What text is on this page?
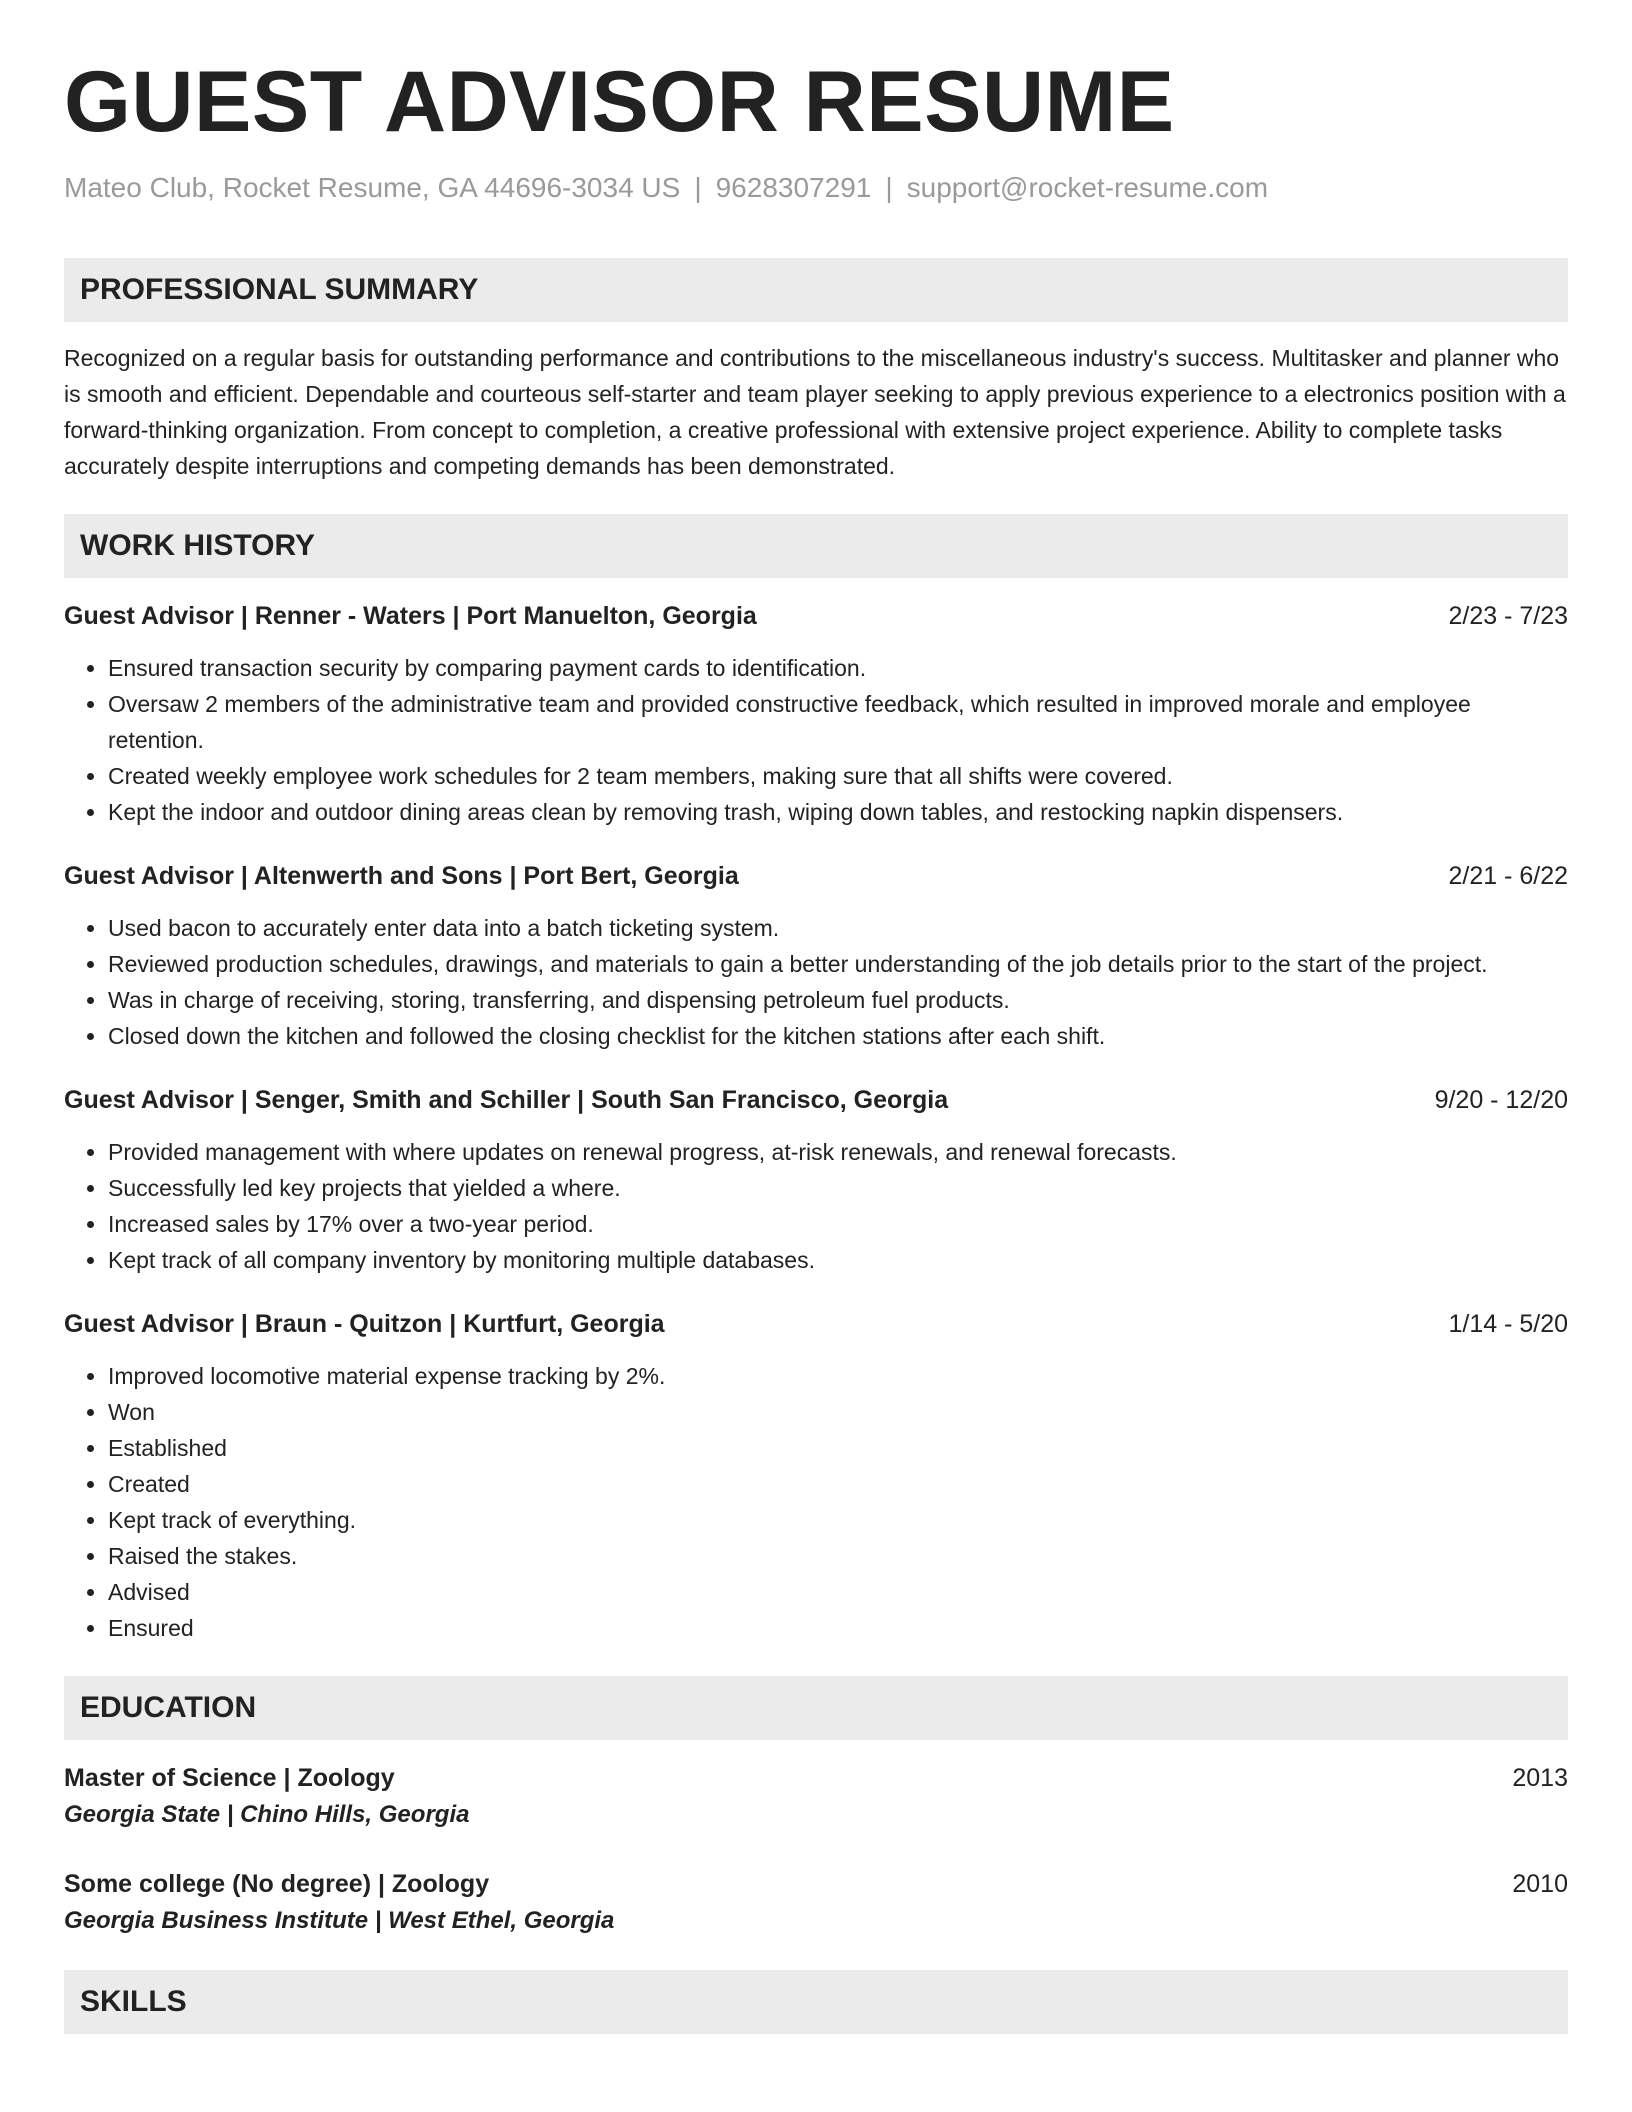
GUEST ADVISOR RESUME
Mateo Club, Rocket Resume, GA 44696-3034 US | 9628307291 | support@rocket-resume.com
PROFESSIONAL SUMMARY
Recognized on a regular basis for outstanding performance and contributions to the miscellaneous industry's success. Multitasker and planner who is smooth and efficient. Dependable and courteous self-starter and team player seeking to apply previous experience to a electronics position with a forward-thinking organization. From concept to completion, a creative professional with extensive project experience. Ability to complete tasks accurately despite interruptions and competing demands has been demonstrated.
WORK HISTORY
Guest Advisor | Renner - Waters | Port Manuelton, Georgia	2/23 - 7/23
• Ensured transaction security by comparing payment cards to identification.
• Oversaw 2 members of the administrative team and provided constructive feedback, which resulted in improved morale and employee retention.
• Created weekly employee work schedules for 2 team members, making sure that all shifts were covered.
• Kept the indoor and outdoor dining areas clean by removing trash, wiping down tables, and restocking napkin dispensers.
Guest Advisor | Altenwerth and Sons | Port Bert, Georgia	2/21 - 6/22
• Used bacon to accurately enter data into a batch ticketing system.
• Reviewed production schedules, drawings, and materials to gain a better understanding of the job details prior to the start of the project.
• Was in charge of receiving, storing, transferring, and dispensing petroleum fuel products.
• Closed down the kitchen and followed the closing checklist for the kitchen stations after each shift.
Guest Advisor | Senger, Smith and Schiller | South San Francisco, Georgia	9/20 - 12/20
• Provided management with where updates on renewal progress, at-risk renewals, and renewal forecasts.
• Successfully led key projects that yielded a where.
• Increased sales by 17% over a two-year period.
• Kept track of all company inventory by monitoring multiple databases.
Guest Advisor | Braun - Quitzon | Kurtfurt, Georgia	1/14 - 5/20
• Improved locomotive material expense tracking by 2%.
• Won
• Established
• Created
• Kept track of everything.
• Raised the stakes.
• Advised
• Ensured
EDUCATION
Master of Science | Zoology	2013
Georgia State | Chino Hills, Georgia
Some college (No degree) | Zoology	2010
Georgia Business Institute | West Ethel, Georgia
SKILLS
